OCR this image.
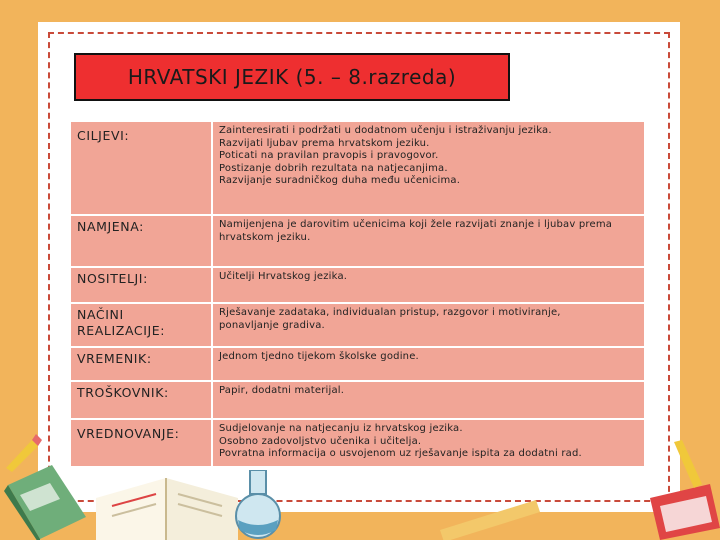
HRVATSKI JEZIK (5. – 8.razreda)
CILJEVI:	Zainteresirati i podržati u dodatnom učenju i istraživanju jezika.
Razvijati ljubav prema hrvatskom jeziku.
Poticati na pravilan pravopis i pravogovor.
Postizanje dobrih rezultata na natjecanjima.
Razvijanje suradničkog duha među učenicima.

NAMJENA:	Namijenjena je darovitim učenicima koji žele razvijati znanje i ljubav prema
hrvatskom jeziku.

NOSITELJI:	Učitelji Hrvatskog jezika.

NAČINI REALIZACIJE:	Rješavanje zadataka, individualan pristup, razgovor i motiviranje,
ponavljanje gradiva.

VREMENIK:	Jednom tjedno tijekom školske godine.

TROŠKOVNIK:	Papir, dodatni materijal.

VREDNOVANJE:	Sudjelovanje na natjecanju iz hrvatskog jezika.
Osobno zadovoljstvo učenika i učitelja.
Povratna informacija o usvojenom uz rješavanje ispita za dodatni rad.
